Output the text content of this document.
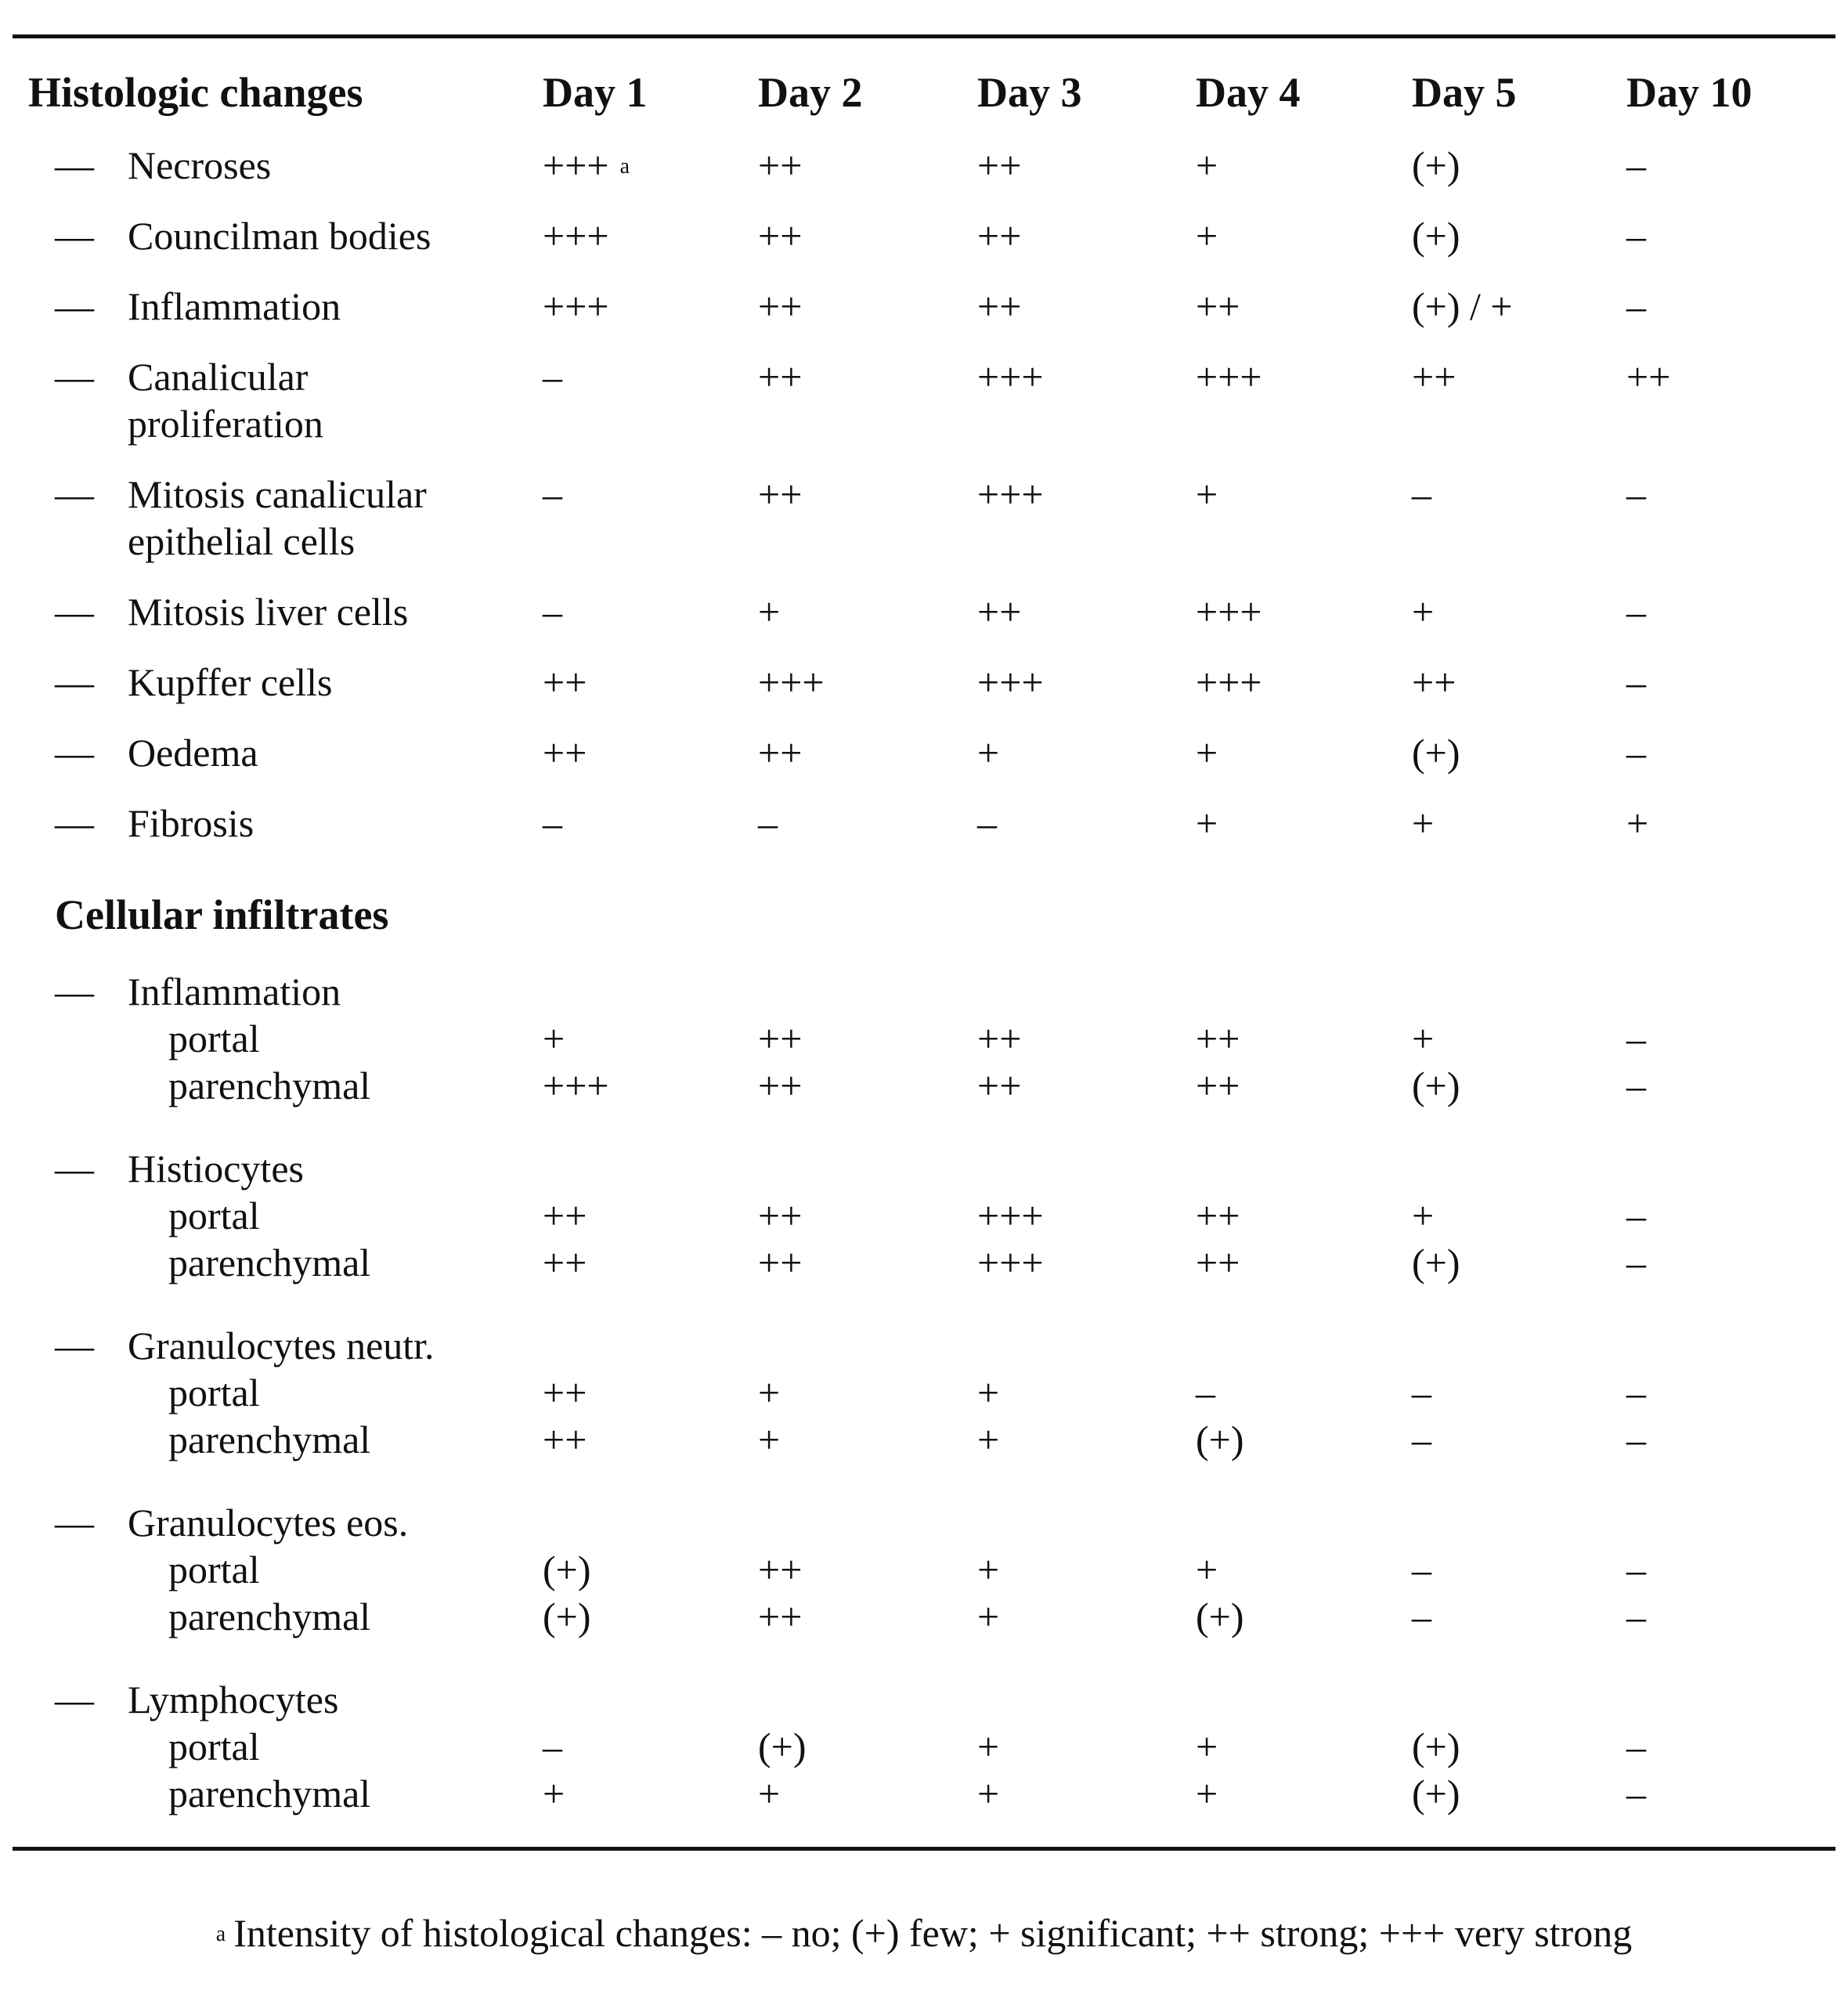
Histologic changes	Day 1	Day 2	Day 3	Day 4	Day 5	Day 10
— Necroses	+++ $^a$	++	++	+	(+)	–
— Councilman bodies	+++	++	++	+	(+)	–
— Inflammation	+++	++	++	++	(+) / +	–
— Canalicular
proliferation
–	++	+++	+++	++	++
— Mitosis canalicular
epithelial cells
–	++	+++	+	–	–
— Mitosis liver cells	–	+	++	+++	+	–
— Kupffer cells	++	+++	+++	+++	++	–
— Oedema	++	++	+	+	(+)	–
— Fibrosis	–	–	–	+	+	+
Cellular infiltrates
— Inflammation
portal	+	++	++	++	+	–
parenchymal	+++	++	++	++	(+)	–
— Histiocytes
portal	++	++	+++	++	+	–
parenchymal	++	++	+++	++	(+)	–
— Granulocytes neutr.
portal	++	+	+	–	–	–
parenchymal	++	+	+	(+)	–	–
— Granulocytes eos.
portal	(+)	++	+	+	–	–
parenchymal	(+)	++	+	(+)	–	–
— Lymphocytes
portal	–	(+)	+	+	(+)	–
parenchymal	+	+	+	+	(+)	–
$^a$ Intensity of histological changes: – no; (+) few; + significant; ++ strong; +++ very strong
